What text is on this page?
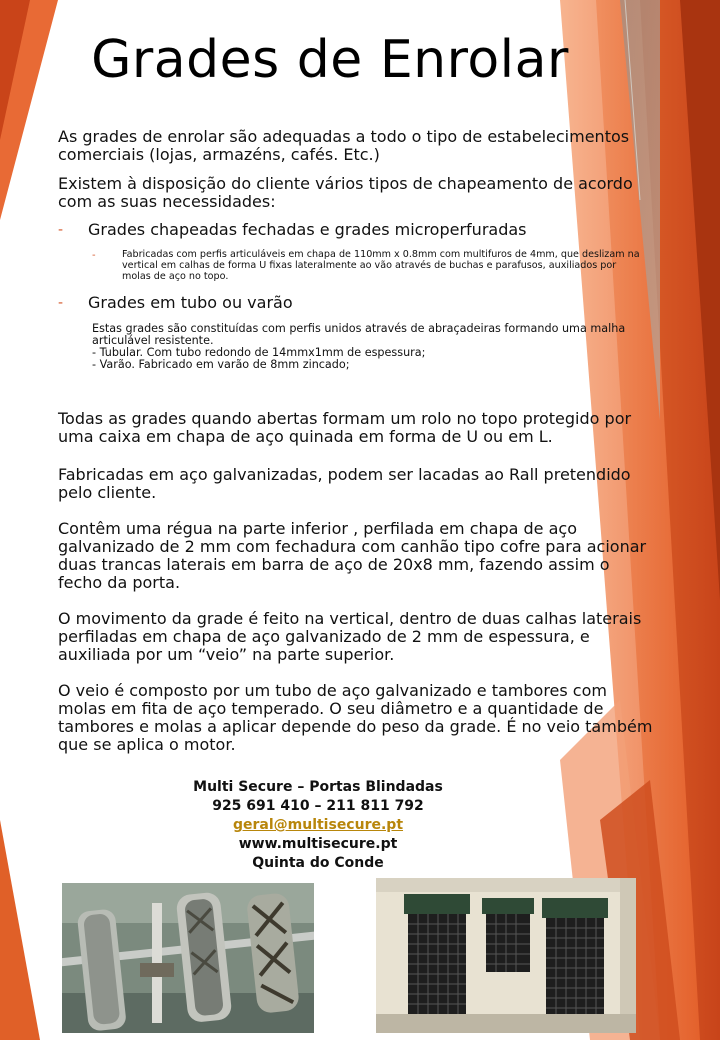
Grades de Enrolar

As grades de enrolar são adequadas a todo o tipo de estabelecimentos comerciais (lojas, armazéns, cafés. Etc.)

Existem à disposição do cliente vários tipos de chapeamento de acordo com as suas necessidades:

- Grades chapeadas fechadas e grades microperfuradas
-	Fabricadas com perfis articuláveis em chapa de 110mm x 0.8mm com multifuros de 4mm, que deslizam na vertical em calhas de forma U fixas lateralmente ao vão através de buchas e parafusos, auxiliados por molas de aço no topo.
- Grades em tubo ou varão
Estas grades são constituídas com perfis unidos através de abraçadeiras formando uma malha articulável resistente.
- Tubular. Com tubo redondo de 14mmx1mm de espessura;
- Varão. Fabricado em varão de 8mm zincado;

Todas as grades quando abertas formam um rolo no topo protegido por uma caixa em chapa de aço quinada em forma de U ou em L.

Fabricadas em aço galvanizadas, podem ser lacadas ao Rall pretendido pelo cliente.

Contêm uma régua na parte inferior , perfilada em chapa de aço galvanizado de 2 mm com fechadura com canhão tipo cofre para acionar duas trancas laterais em barra de aço de 20x8 mm, fazendo assim o fecho da porta.

O movimento da grade é feito na vertical, dentro de duas calhas laterais perfiladas em chapa de aço galvanizado de 2 mm de espessura, e auxiliada por um “veio” na parte superior.

O veio é composto por um tubo de aço galvanizado e tambores com molas em fita de aço temperado. O seu diâmetro e a quantidade de tambores e molas a aplicar depende do peso da grade. É no veio também que se aplica o motor.

Multi Secure – Portas Blindadas
925 691 410 – 211 811 792
geral@multisecure.pt
www.multisecure.pt
Quinta do Conde
